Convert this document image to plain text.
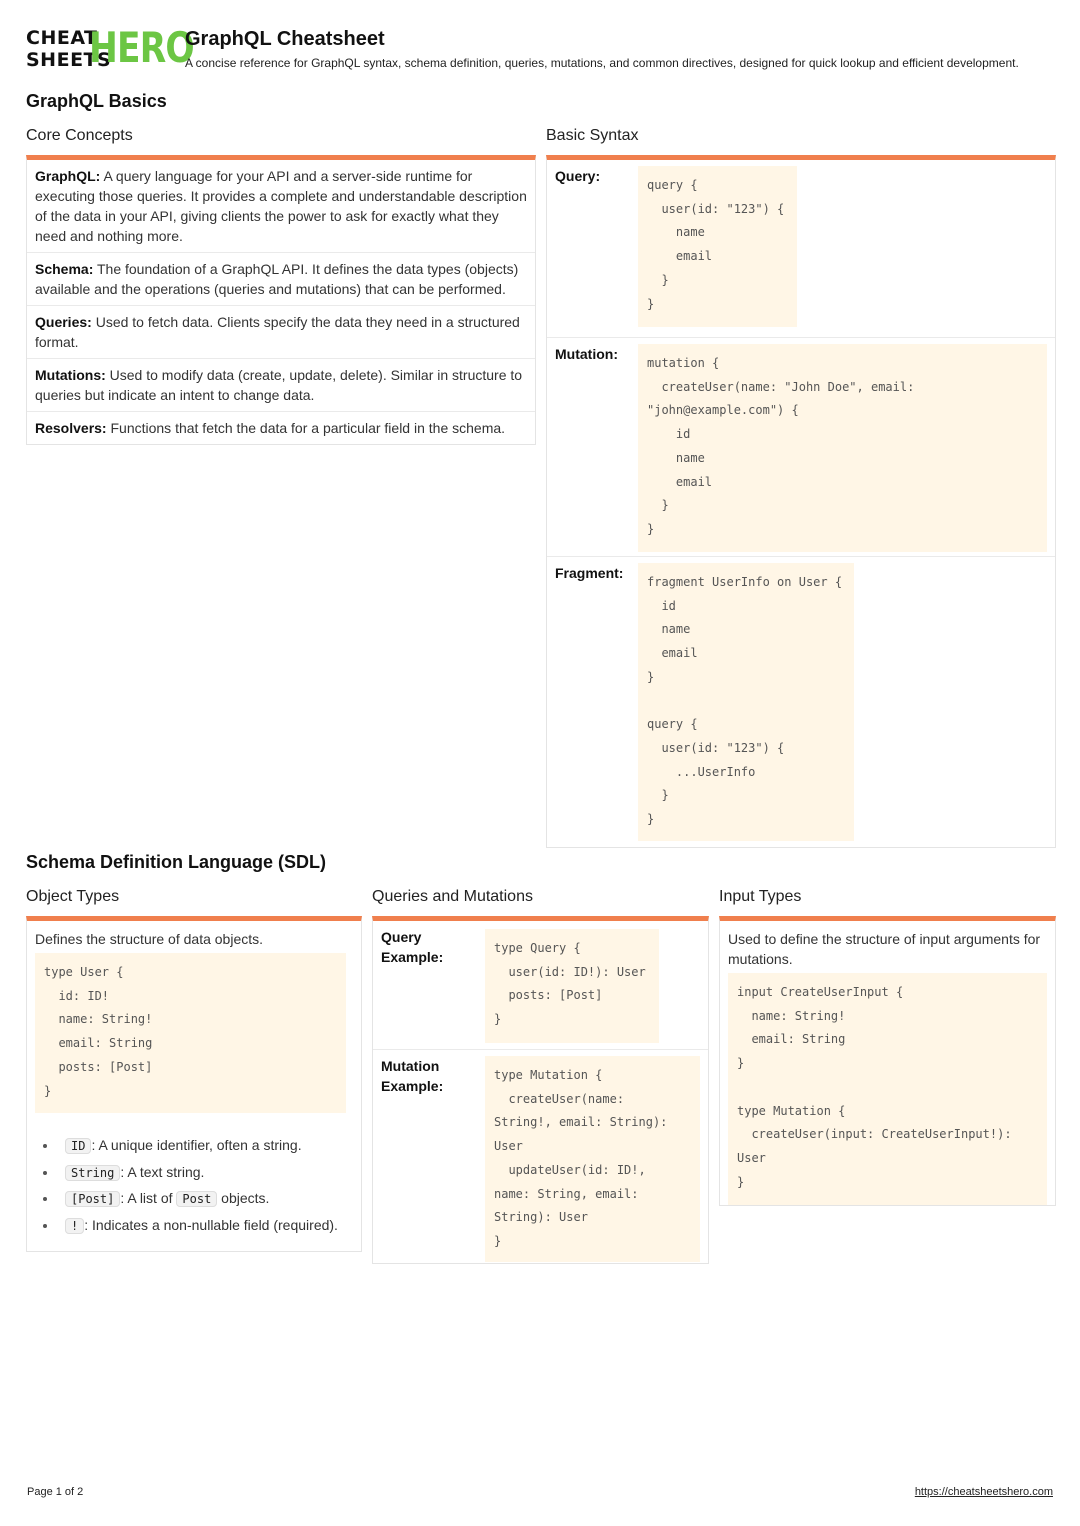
CHEAT
SHEETS
HERO
GraphQL Cheatsheet
A concise reference for GraphQL syntax, schema definition, queries, mutations, and common directives, designed for quick lookup and efficient development.
GraphQL Basics
Core Concepts
GraphQL: A query language for your API and a server-side runtime for executing those queries. It provides a complete and understandable description of the data in your API, giving clients the power to ask for exactly what they need and nothing more.
Schema: The foundation of a GraphQL API. It defines the data types (objects) available and the operations (queries and mutations) that can be performed.
Queries: Used to fetch data. Clients specify the data they need in a structured format.
Mutations: Used to modify data (create, update, delete). Similar in structure to queries but indicate an intent to change data.
Resolvers: Functions that fetch the data for a particular field in the schema.
Basic Syntax
Query:
query {
user(id: "123") {
name
email
}
}
Mutation:
mutation {
createUser(name: "John Doe", email:
"john@example.com") {
id
name
email
}
}
Fragment:
fragment UserInfo on User {
id
name
email
}

query {
user(id: "123") {
...UserInfo
}
}
Schema Definition Language (SDL)
Object Types
Defines the structure of data objects.
type User {
id: ID!
name: String!
email: String
posts: [Post]
}
ID : A unique identifier, often a string.
String : A text string.
[Post] : A list of Post objects.
! : Indicates a non-nullable field (required).
Queries and Mutations
Query Example:
type Query {
user(id: ID!): User
posts: [Post]
}
Mutation Example:
type Mutation {
createUser(name:
String!, email: String):
User
updateUser(id: ID!,
name: String, email:
String): User
}
Input Types
Used to define the structure of input arguments for mutations.
input CreateUserInput {
name: String!
email: String
}

type Mutation {
createUser(input: CreateUserInput!):
User
}
Page 1 of 2	https://cheatsheetshero.com
